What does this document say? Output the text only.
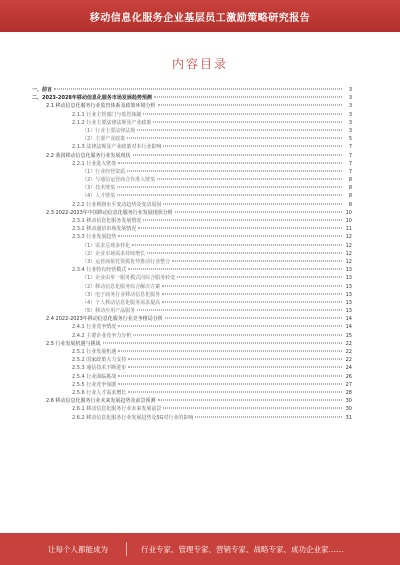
移动信息化服务企业基层员工激励策略研究报告
内容目录
一、前言	3
二、2023-2028年移动信息化服务市场发展趋势预测	3
2.1 移动信息化服务行业监管体系及政策环境分析	3
2.1.1 行业主管部门与监管体制	3
2.1.2 行业主要法律法规及产业政策	3
（1）行业主要法律法规	3
（2）主要产业政策	5
2.1.3 法律法规及产业政策对本行业影响	7
2.2 我国移动信息化服务行业发展现状	7
2.2.1 行业进入壁垒	7
（1）行业经营资质	7
（2）与通信运营商合作准入壁垒	8
（3）技术壁垒	8
（4）人才壁垒	8
2.2.2 行业利润水平变动趋势及变动原因	8
2.3 2022-2023年中国移动信息化服务行业发展现状分析	10
2.3.1 移动信息化服务发展情况	10
2.3.2 移动通信市场发展情况	11
2.3.3 行业发展趋势	12
（1）需求呈现多样化	12
（2）企业市场需求持续增长	12
（3）运营商依托资源优势推动行业整合	12
2.3.4 行业特有经营模式	13
（1）企业由单一服务模式向综合服务转变	13
（2）移动信息化服务综合解决方案	13
（3）电子商务行业移动信息化服务	13
（4）个人移动信息化服务需求提高	13
（5）移动应用产品服务	13
2.4 2022-2023年移动信息化服务行业竞争格局分析	14
2.4.1 行业竞争情况	14
2.4.2 主要企业竞争力分析	15
2.5 行业发展机遇与挑战	22
2.5.1 行业发展机遇	22
2.5.2 国家政策大力支持	22
2.5.3 通信技术不断进步	24
2.5.4 行业面临挑战	26
2.5.5 行业竞争加剧	27
2.5.6 行业人才需求增长	28
2.6 移动信息化服务行业未来发展趋势及前景预测	30
2.6.1 移动信息化服务行业未来发展前景	30
2.6.2 移动信息化服务行业发展趋势及5G对行业的影响	31
让每个人都能成为	行业专家、管理专家、营销专家、战略专家、成功企业家……
